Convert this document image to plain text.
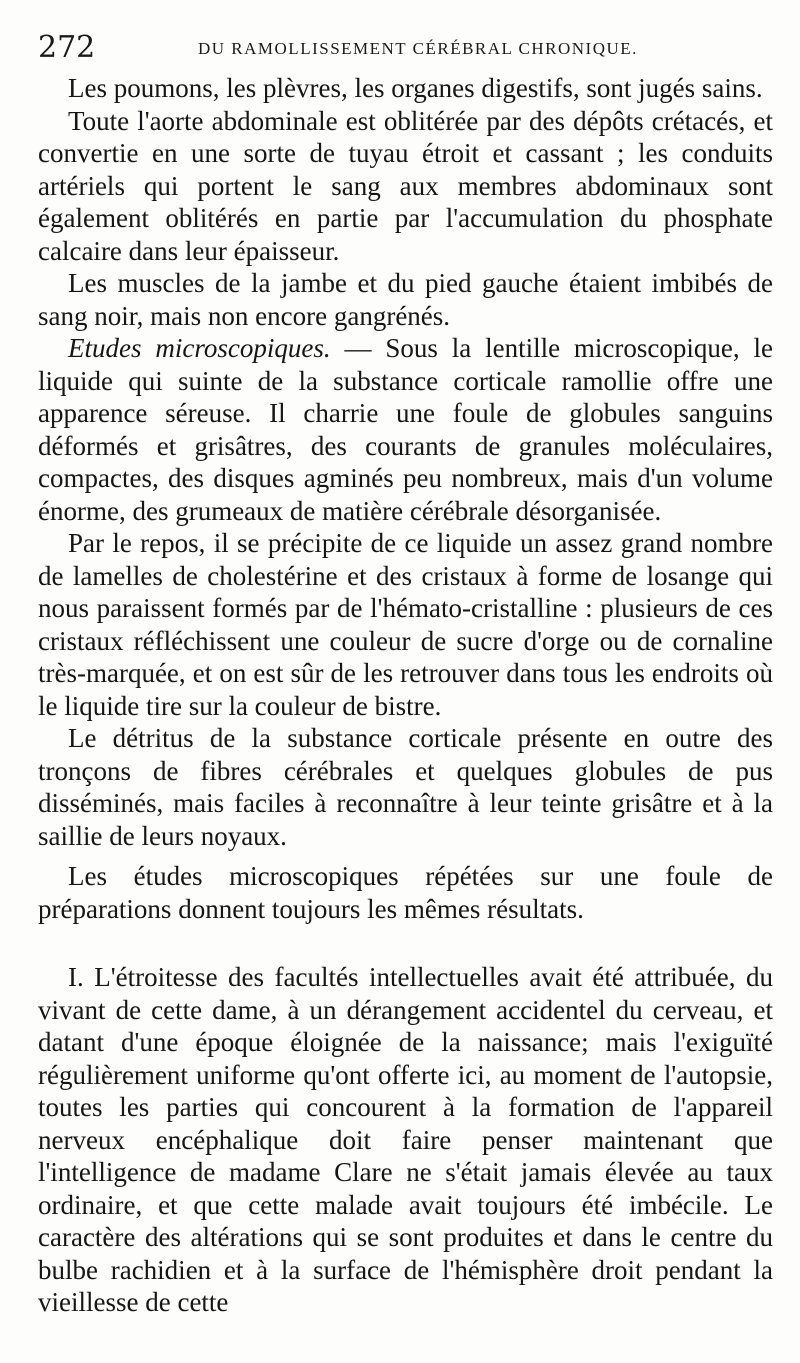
272	DU RAMOLLISSEMENT CÉRÉBRAL CHRONIQUE.

Les poumons, les plèvres, les organes digestifs, sont jugés sains.

Toute l'aorte abdominale est oblitérée par des dépôts crétacés, et convertie en une sorte de tuyau étroit et cassant ; les conduits artériels qui portent le sang aux membres abdominaux sont également oblitérés en partie par l'accumulation du phosphate calcaire dans leur épaisseur.

Les muscles de la jambe et du pied gauche étaient imbibés de sang noir, mais non encore gangrénés.

Etudes microscopiques. — Sous la lentille microscopique, le liquide qui suinte de la substance corticale ramollie offre une apparence séreuse. Il charrie une foule de globules sanguins déformés et grisâtres, des courants de granules moléculaires, compactes, des disques agminés peu nombreux, mais d'un volume énorme, des grumeaux de matière cérébrale désorganisée.

Par le repos, il se précipite de ce liquide un assez grand nombre de lamelles de cholestérine et des cristaux à forme de losange qui nous paraissent formés par de l'hémato-cristalline : plusieurs de ces cristaux réfléchissent une couleur de sucre d'orge ou de cornaline très-marquée, et on est sûr de les retrouver dans tous les endroits où le liquide tire sur la couleur de bistre.

Le détritus de la substance corticale présente en outre des tronçons de fibres cérébrales et quelques globules de pus disséminés, mais faciles à reconnaître à leur teinte grisâtre et à la saillie de leurs noyaux.

Les études microscopiques répétées sur une foule de préparations donnent toujours les mêmes résultats.

I. L'étroitesse des facultés intellectuelles avait été attribuée, du vivant de cette dame, à un dérangement accidentel du cerveau, et datant d'une époque éloignée de la naissance; mais l'exiguïté régulièrement uniforme qu'ont offerte ici, au moment de l'autopsie, toutes les parties qui concourent à la formation de l'appareil nerveux encéphalique doit faire penser maintenant que l'intelligence de madame Clare ne s'était jamais élevée au taux ordinaire, et que cette malade avait toujours été imbécile. Le caractère des altérations qui se sont produites et dans le centre du bulbe rachidien et à la surface de l'hémisphère droit pendant la vieillesse de cette
